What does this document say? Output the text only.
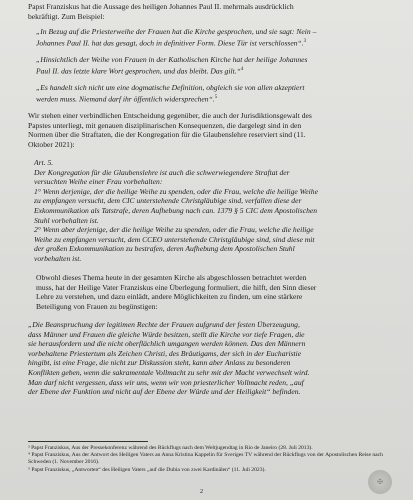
Papst Franziskus hat die Aussage des heiligen Johannes Paul II. mehrmals ausdrücklich

bekräftigt. Zum Beispiel:

„In Bezug auf die Priesterweihe der Frauen hat die Kirche gesprochen, und sie sagt: Nein –

Johannes Paul II. hat das gesagt, doch in definitiver Form. Diese Tür ist verschlossen“.$^3$

„Hinsichtlich der Weihe von Frauen in der Katholischen Kirche hat der heilige Johannes

Paul II. das letzte klare Wort gesprochen, und das bleibt. Das gilt.“$^4$

„Es handelt sich nicht um eine dogmatische Definition, obgleich sie von allen akzeptiert

werden muss. Niemand darf ihr öffentlich widersprechen“.$^5$

Wir stehen einer verbindlichen Entscheidung gegenüber, die auch der Jurisdiktionsgewalt des

Papstes unterliegt, mit genauen disziplinarischen Konsequenzen, die dargelegt sind in den

Normen über die Straftaten, die der Kongregation für die Glaubenslehre reserviert sind (11.

Oktober 2021):

Art. 5.

Der Kongregation für die Glaubenslehre ist auch die schwerwiegendere Straftat der

versuchten Weihe einer Frau vorbehalten:

1° Wenn derjenige, der die heilige Weihe zu spenden, oder die Frau, welche die heilige Weihe

zu empfangen versucht, dem CIC unterstehende Christgläubige sind, verfallen diese der

Exkommunikation als Tatstrafe, deren Aufhebung nach can. 1379 § 5 CIC dem Apostolischen

Stuhl vorbehalten ist.

2° Wenn aber derjenige, der die heilige Weihe zu spenden, oder die Frau, welche die heilige

Weihe zu empfangen versucht, dem CCEO unterstehende Christgläubige sind, sind diese mit

der großen Exkommunikation zu bestrafen, deren Aufhebung dem Apostolischen Stuhl

vorbehalten ist.

Obwohl dieses Thema heute in der gesamten Kirche als abgeschlossen betrachtet werden

muss, hat der Heilige Vater Franziskus eine Überlegung formuliert, die hilft, den Sinn dieser

Lehre zu verstehen, und dazu einlädt, andere Möglichkeiten zu finden, um eine stärkere

Beteiligung von Frauen zu begünstigen:

„Die Beanspruchung der legitimen Rechte der Frauen aufgrund der festen Überzeugung,

dass Männer und Frauen die gleiche Würde besitzen, stellt die Kirche vor tiefe Fragen, die

sie herausfordern und die nicht oberflächlich umgangen werden können. Das den Männern

vorbehaltene Priestertum als Zeichen Christi, des Bräutigams, der sich in der Eucharistie

hingibt, ist eine Frage, die nicht zur Diskussion steht, kann aber Anlass zu besonderen

Konflikten geben, wenn die sakramentale Vollmacht zu sehr mit der Macht verwechselt wird.

Man darf nicht vergessen, dass wir uns, wenn wir von priesterlicher Vollmacht reden, „auf

der Ebene der Funktion und nicht auf der Ebene der Würde und der Heiligkeit“ befinden.

³ Papst Franziskus, Aus der Pressekonferenz während des Rückflugs nach dem Weltjugendtag in Rio de Janeiro (28. Juli 2013).

⁴ Papst Franziskus, Aus der Antwort des Heiligen Vaters an Anna Kristina Kappelin für Sveriges TV während der Rückflugs von der Apostolischen Reise nach Schweden (1. November 2016).

⁵ Papst Franziskus, „Antworten“ des Heiligen Vaters „auf die Dubia von zwei Kardinälen“ (11. Juli 2023).

2
✠
